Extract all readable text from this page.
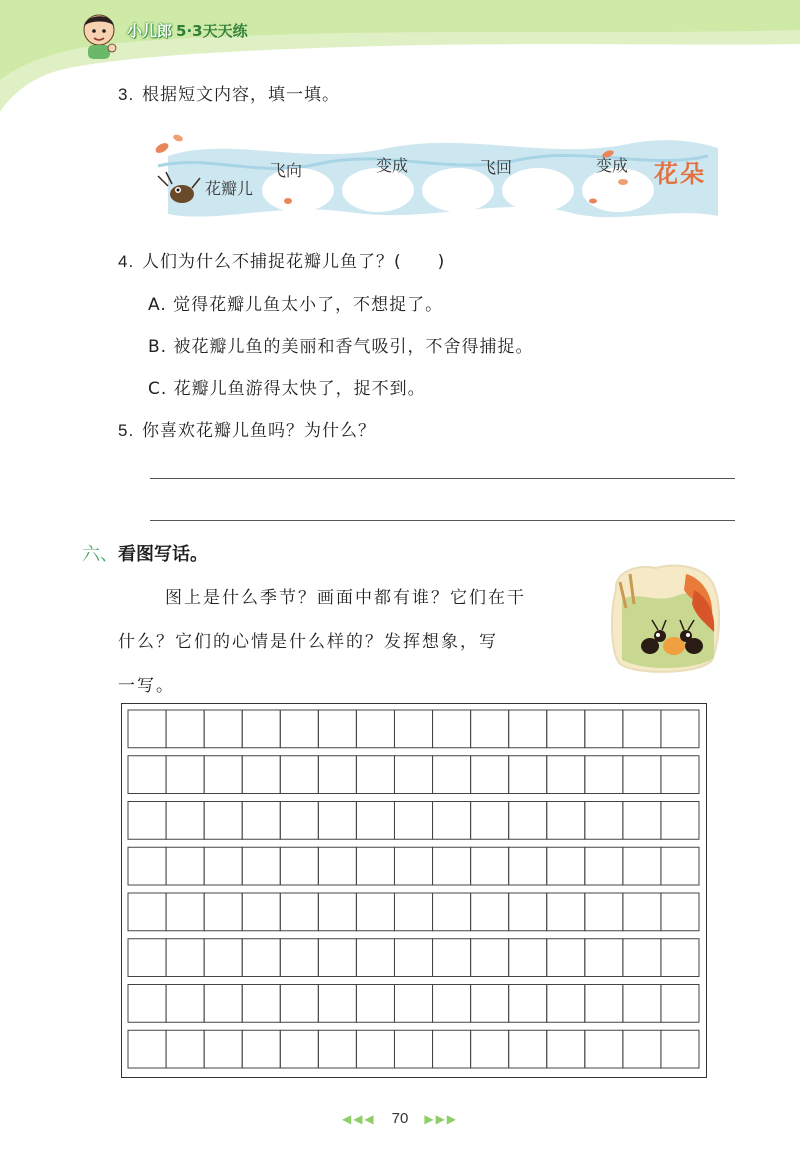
小儿郎 5·3天天练
3. 根据短文内容，填一填。
花瓣儿
飞向	变成	飞回	变成 花朵
4. 人们为什么不捕捉花瓣儿鱼了？(　　)
A. 觉得花瓣儿鱼太小了，不想捉了。
B. 被花瓣儿鱼的美丽和香气吸引，不舍得捕捉。
C. 花瓣儿鱼游得太快了，捉不到。
5. 你喜欢花瓣儿鱼吗？为什么？
六、看图写话。
图上是什么季节？画面中都有谁？它们在干
什么？它们的心情是什么样的？发挥想象，写
一写。
◀◀◀ 70 ▶▶▶
